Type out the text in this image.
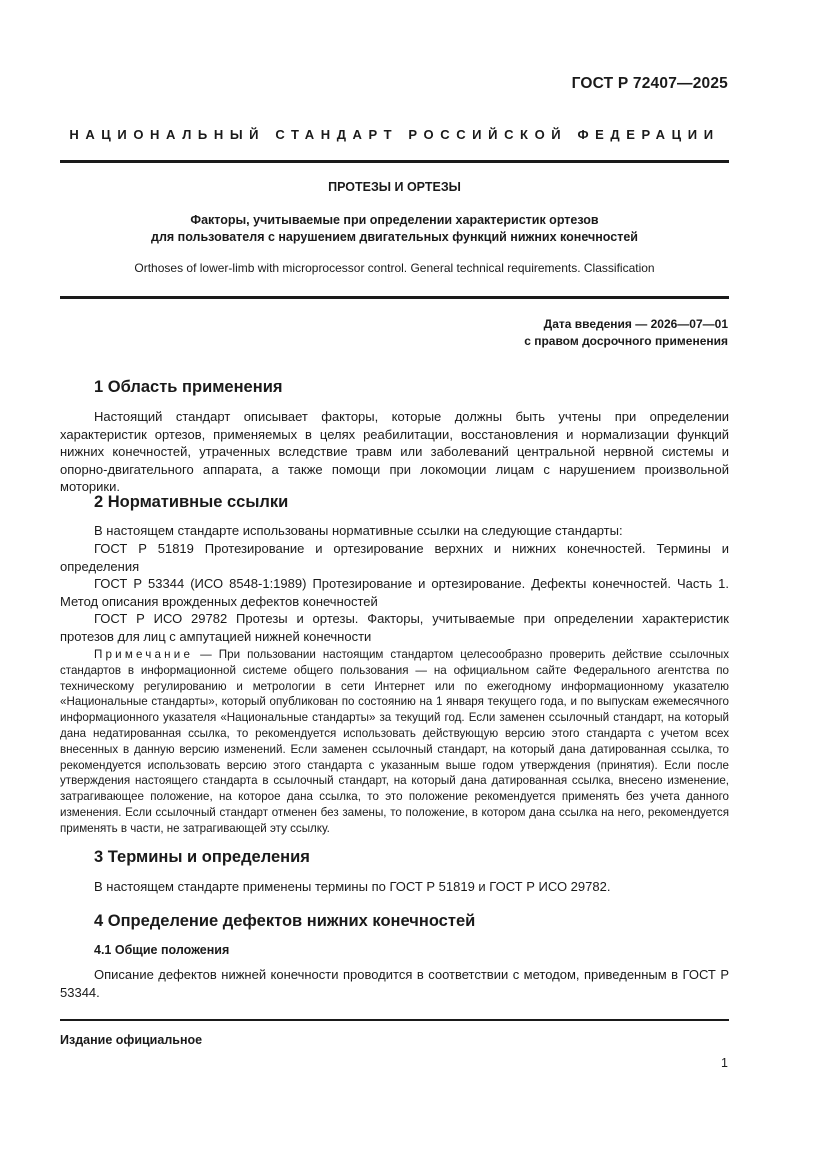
ГОСТ Р 72407—2025
НАЦИОНАЛЬНЫЙ СТАНДАРТ РОССИЙСКОЙ ФЕДЕРАЦИИ
ПРОТЕЗЫ И ОРТЕЗЫ
Факторы, учитываемые при определении характеристик ортезов
для пользователя с нарушением двигательных функций нижних конечностей
Orthoses of lower-limb with microprocessor control. General technical requirements. Classification
Дата введения — 2026—07—01
с правом досрочного применения
1 Область применения
Настоящий стандарт описывает факторы, которые должны быть учтены при определении характеристик ортезов, применяемых в целях реабилитации, восстановления и нормализации функций нижних конечностей, утраченных вследствие травм или заболеваний центральной нервной системы и опорно-двигательного аппарата, а также помощи при локомоции лицам с нарушением произвольной моторики.
2 Нормативные ссылки
В настоящем стандарте использованы нормативные ссылки на следующие стандарты:
ГОСТ Р 51819 Протезирование и ортезирование верхних и нижних конечностей. Термины и определения
ГОСТ Р 53344 (ИСО 8548-1:1989) Протезирование и ортезирование. Дефекты конечностей. Часть 1. Метод описания врожденных дефектов конечностей
ГОСТ Р ИСО 29782 Протезы и ортезы. Факторы, учитываемые при определении характеристик протезов для лиц с ампутацией нижней конечности
Примечание — При пользовании настоящим стандартом целесообразно проверить действие ссылочных стандартов в информационной системе общего пользования — на официальном сайте Федерального агентства по техническому регулированию и метрологии в сети Интернет или по ежегодному информационному указателю «Национальные стандарты», который опубликован по состоянию на 1 января текущего года, и по выпускам ежемесячного информационного указателя «Национальные стандарты» за текущий год. Если заменен ссылочный стандарт, на который дана недатированная ссылка, то рекомендуется использовать действующую версию этого стандарта с учетом всех внесенных в данную версию изменений. Если заменен ссылочный стандарт, на который дана датированная ссылка, то рекомендуется использовать версию этого стандарта с указанным выше годом утверждения (принятия). Если после утверждения настоящего стандарта в ссылочный стандарт, на который дана датированная ссылка, внесено изменение, затрагивающее положение, на которое дана ссылка, то это положение рекомендуется применять без учета данного изменения. Если ссылочный стандарт отменен без замены, то положение, в котором дана ссылка на него, рекомендуется применять в части, не затрагивающей эту ссылку.
3 Термины и определения
В настоящем стандарте применены термины по ГОСТ Р 51819 и ГОСТ Р ИСО 29782.
4 Определение дефектов нижних конечностей
4.1 Общие положения
Описание дефектов нижней конечности проводится в соответствии с методом, приведенным в ГОСТ Р 53344.
Издание официальное
1
